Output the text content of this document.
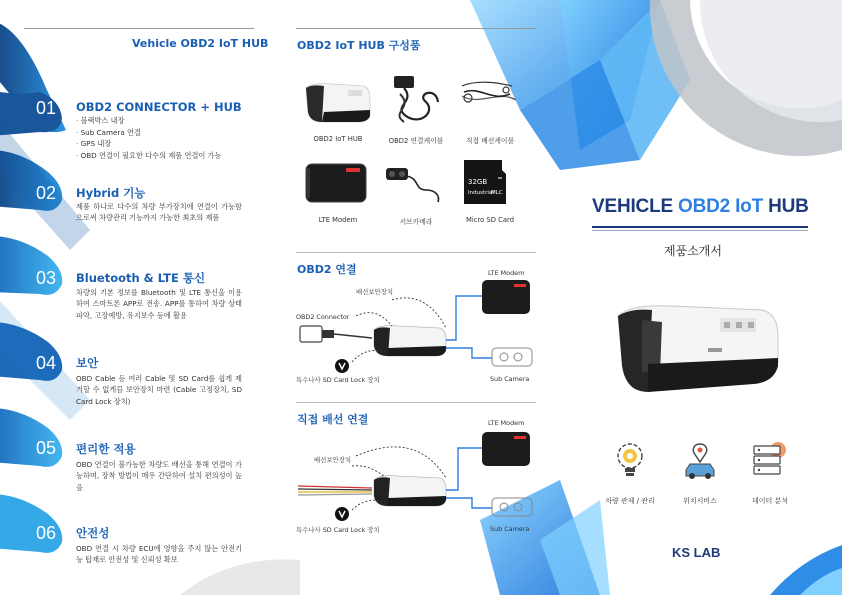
Vehicle OBD2 IoT HUB
01 OBD2 CONNECTOR + HUB
· 블랙박스 내장
· Sub Camera 연결
· GPS 내장
· OBD 연결이 필요한 다수의 제품 연결이 가능
02 Hybrid 기능
제품 하나로 다수의 차량 부가장치에 연결이 가능함으로써 차량관리 기능까지 가능한 최초의 제품
03 Bluetooth & LTE 통신
차량의 기본 정보를 Bluetooth 및 LTE 통신을 이용하여 스마트폰 APP로 전송. APP를 통하여 차량 상태 파악, 고장예방, 유지보수 등에 활용
04 보안
OBD Cable 등 여러 Cable 및 SD Card를 쉽게 제거할 수 없게끔 보안장치 마련 (Cable 고정장치, SD Card Lock 장치)
05 편리한 적용
OBD 연결이 불가능한 차량도 배선을 통해 연결이 가능하며, 장착 방법이 매우 간단하여 설치 편의성이 높음
06 안전성
OBD 연결 시 차량 ECU에 영향을 주지 않는 안전기능 탑재로 안전성 및 신뢰성 확보
OBD2 IoT HUB 구성품
OBD2 IoT HUB	OBD2 연결케이블	직접 배선케이블
32GB
Industrial
MLC
LTE Modem	서브카메라	Micro SD Card
OBD2 연결	LTE Modem
배선보안장치
OBD2 Connector
특수나사 SD Card Lock 장치	Sub Camera
직접 배선 연결	LTE Modem
배선보안장치
특수나사 SD Card Lock 장치	Sub Camera
VEHICLE OBD2 IoT HUB
제품소개서
차량 관제 / 관리	위치서비스	데이터 분석
KS LAB
